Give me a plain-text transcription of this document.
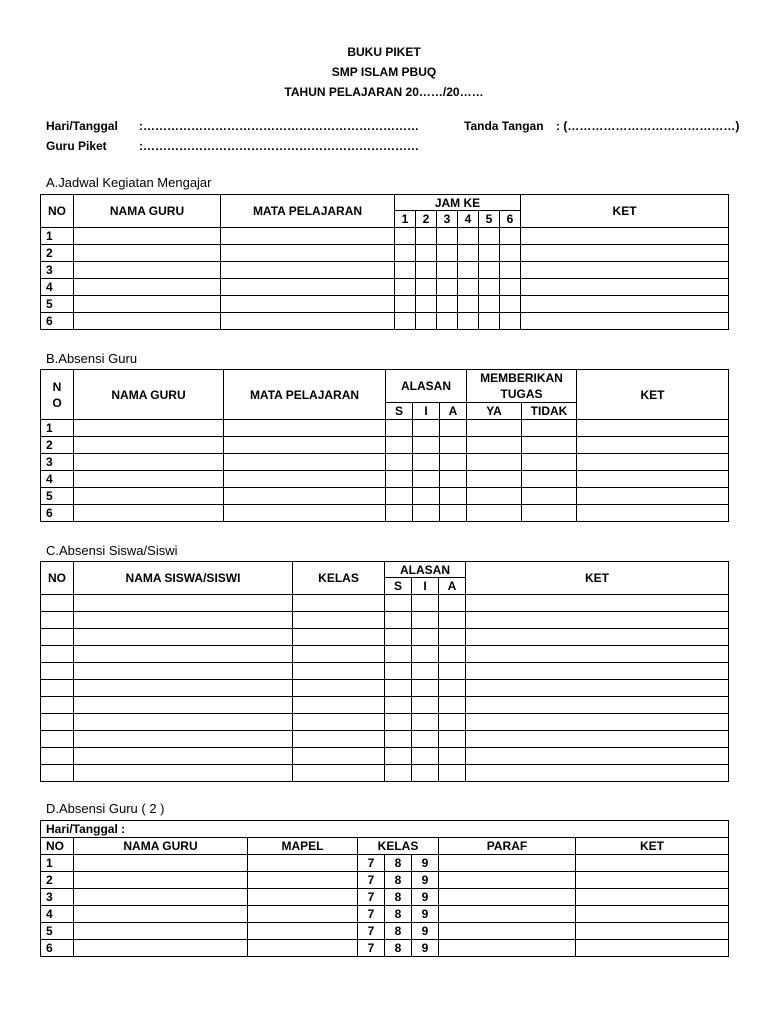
BUKU PIKET
SMP ISLAM PBUQ
TAHUN PELAJARAN 20……/20……
Hari/Tanggal :……………………………………………………………
Guru Piket	:……………………………………………………………
Tanda Tangan : (……………………………………)
A.Jadwal Kegiatan Mengajar
NO	NAMA GURU	MATA PELAJARAN	JAM KE						KET
			1	2	3	4	5	6	
1									
2									
3									
4									
5									
6									
B.Absensi Guru
N
O	NAMA GURU	MATA PELAJARAN	ALASAN			MEMBERIKAN TUGAS		KET
			S	I	A	YA	TIDAK	
1								
2								
3								
4								
5								
6								
C.Absensi Siswa/Siswi
NO	NAMA SISWA/SISWI	KELAS	ALASAN			KET
			S	I	A	

D.Absensi Guru ( 2 )
Hari/Tanggal :							
NO	NAMA GURU	MAPEL	KELAS			PARAF	KET
1			7	8	9		
2			7	8	9		
3			7	8	9		
4			7	8	9		
5			7	8	9		
6			7	8	9		
